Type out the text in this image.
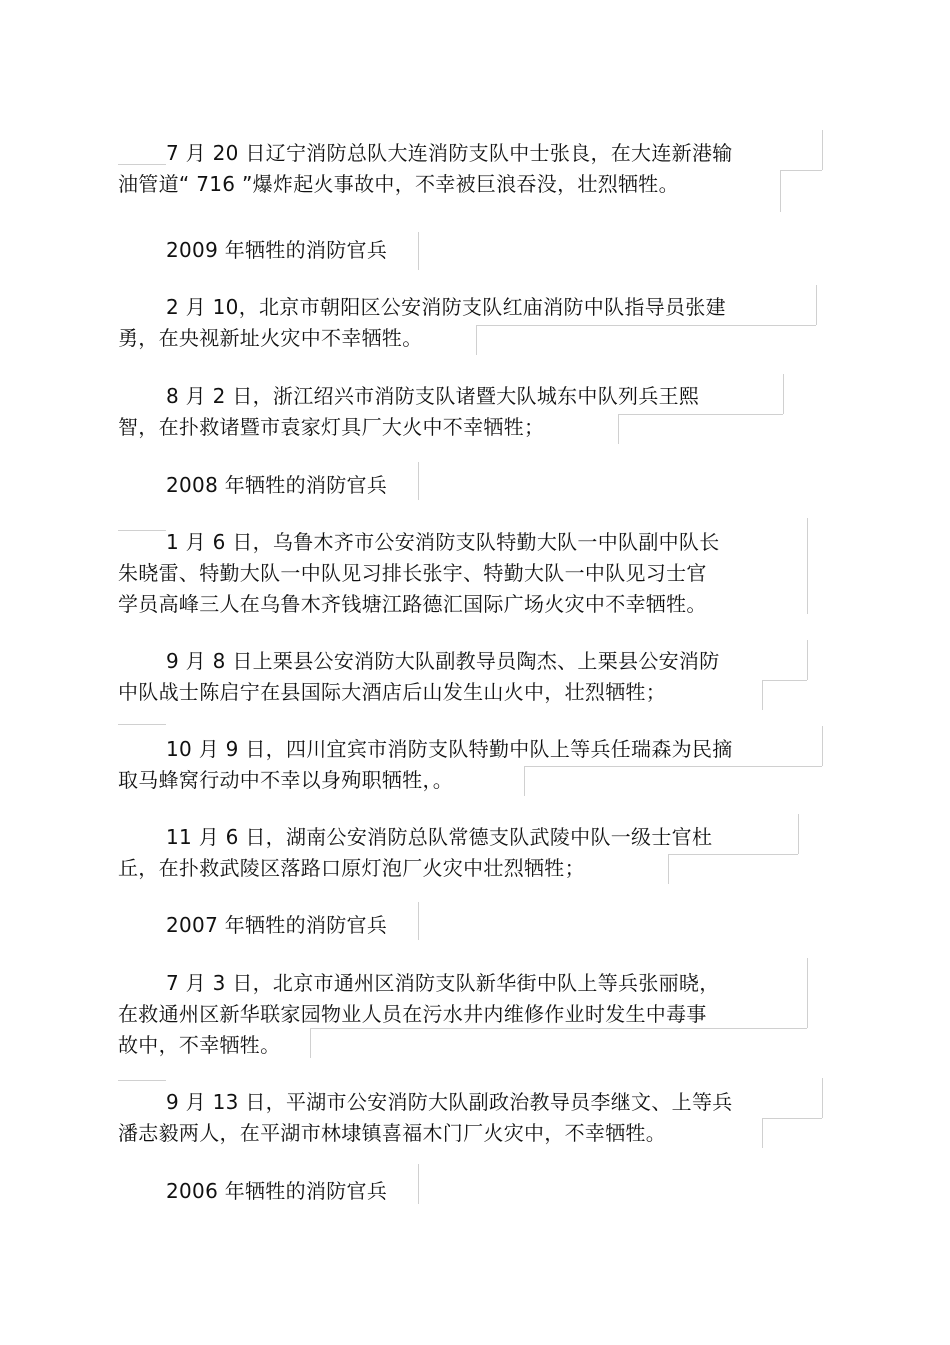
7 月 20 日辽宁消防总队大连消防支队中士张良，在大连新港输
油管道“ 716 ”爆炸起火事故中，不幸被巨浪吞没，壮烈牺牲。
2009 年牺牲的消防官兵
2 月 10，北京市朝阳区公安消防支队红庙消防中队指导员张建
勇，在央视新址火灾中不幸牺牲。
8 月 2 日，浙江绍兴市消防支队诸暨大队城东中队列兵王熙
智，在扑救诸暨市袁家灯具厂大火中不幸牺牲；
2008 年牺牲的消防官兵
1 月 6 日，乌鲁木齐市公安消防支队特勤大队一中队副中队长
朱晓雷、特勤大队一中队见习排长张宇、特勤大队一中队见习士官
学员高峰三人在乌鲁木齐钱塘江路德汇国际广场火灾中不幸牺牲。
9 月 8 日上栗县公安消防大队副教导员陶杰、上栗县公安消防
中队战士陈启宁在县国际大酒店后山发生山火中，壮烈牺牲；
10 月 9 日，四川宜宾市消防支队特勤中队上等兵任瑞森为民摘
取马蜂窝行动中不幸以身殉职牺牲，。
11 月 6 日，湖南公安消防总队常德支队武陵中队一级士官杜
丘，在扑救武陵区落路口原灯泡厂火灾中壮烈牺牲；
2007 年牺牲的消防官兵
7 月 3 日，北京市通州区消防支队新华街中队上等兵张丽晓，
在救通州区新华联家园物业人员在污水井内维修作业时发生中毒事
故中，不幸牺牲。
9 月 13 日，平湖市公安消防大队副政治教导员李继文、上等兵
潘志毅两人，在平湖市林埭镇喜福木门厂火灾中，不幸牺牲。
2006 年牺牲的消防官兵
